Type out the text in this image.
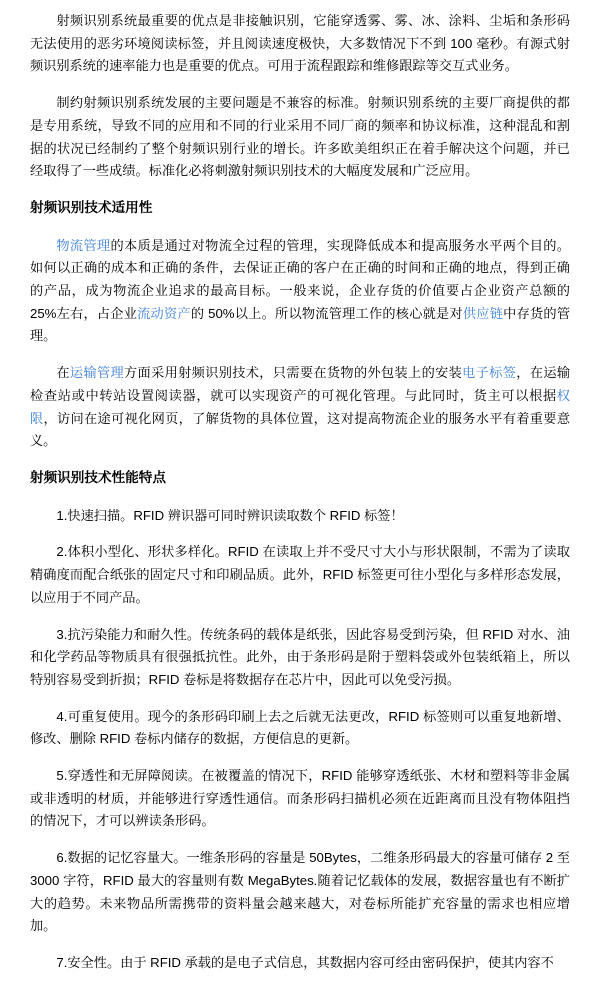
射频识别系统最重要的优点是非接触识别，它能穿透雾、雾、冰、涂料、尘垢和条形码无法使用的恶劣环境阅读标签，并且阅读速度极快，大多数情况下不到 100 毫秒。有源式射频识别系统的速率能力也是重要的优点。可用于流程跟踪和维修跟踪等交互式业务。

制约射频识别系统发展的主要问题是不兼容的标准。射频识别系统的主要厂商提供的都是专用系统，导致不同的应用和不同的行业采用不同厂商的频率和协议标准，这种混乱和割据的状况已经制约了整个射频识别行业的增长。许多欧美组织正在着手解决这个问题，并已经取得了一些成绩。标准化必将刺激射频识别技术的大幅度发展和广泛应用。

射频识别技术适用性

物流管理的本质是通过对物流全过程的管理，实现降低成本和提高服务水平两个目的。如何以正确的成本和正确的条件，去保证正确的客户在正确的时间和正确的地点，得到正确的产品，成为物流企业追求的最高目标。一般来说，企业存货的价值要占企业资产总额的25%左右，占企业流动资产的 50%以上。所以物流管理工作的核心就是对供应链中存货的管理。

在运输管理方面采用射频识别技术，只需要在货物的外包装上的安装电子标签，在运输检查站或中转站设置阅读器，就可以实现资产的可视化管理。与此同时，货主可以根据权限，访问在途可视化网页，了解货物的具体位置，这对提高物流企业的服务水平有着重要意义。

射频识别技术性能特点

1.快速扫描。RFID 辨识器可同时辨识读取数个 RFID 标签！

2.体积小型化、形状多样化。RFID 在读取上并不受尺寸大小与形状限制，不需为了读取精确度而配合纸张的固定尺寸和印刷品质。此外，RFID 标签更可往小型化与多样形态发展，以应用于不同产品。

3.抗污染能力和耐久性。传统条码的载体是纸张，因此容易受到污染，但 RFID 对水、油和化学药品等物质具有很强抵抗性。此外，由于条形码是附于塑料袋或外包装纸箱上，所以特别容易受到折损；RFID 卷标是将数据存在芯片中，因此可以免受污损。

4.可重复使用。现今的条形码印刷上去之后就无法更改，RFID 标签则可以重复地新增、修改、删除 RFID 卷标内储存的数据，方便信息的更新。

5.穿透性和无屏障阅读。在被覆盖的情况下，RFID 能够穿透纸张、木材和塑料等非金属或非透明的材质，并能够进行穿透性通信。而条形码扫描机必须在近距离而且没有物体阻挡的情况下，才可以辨读条形码。

6.数据的记忆容量大。一维条形码的容量是 50Bytes，二维条形码最大的容量可储存 2 至 3000 字符，RFID 最大的容量则有数 MegaBytes.随着记忆载体的发展，数据容量也有不断扩大的趋势。未来物品所需携带的资料量会越来越大，对卷标所能扩充容量的需求也相应增加。

7.安全性。由于 RFID 承载的是电子式信息，其数据内容可经由密码保护，使其内容不
